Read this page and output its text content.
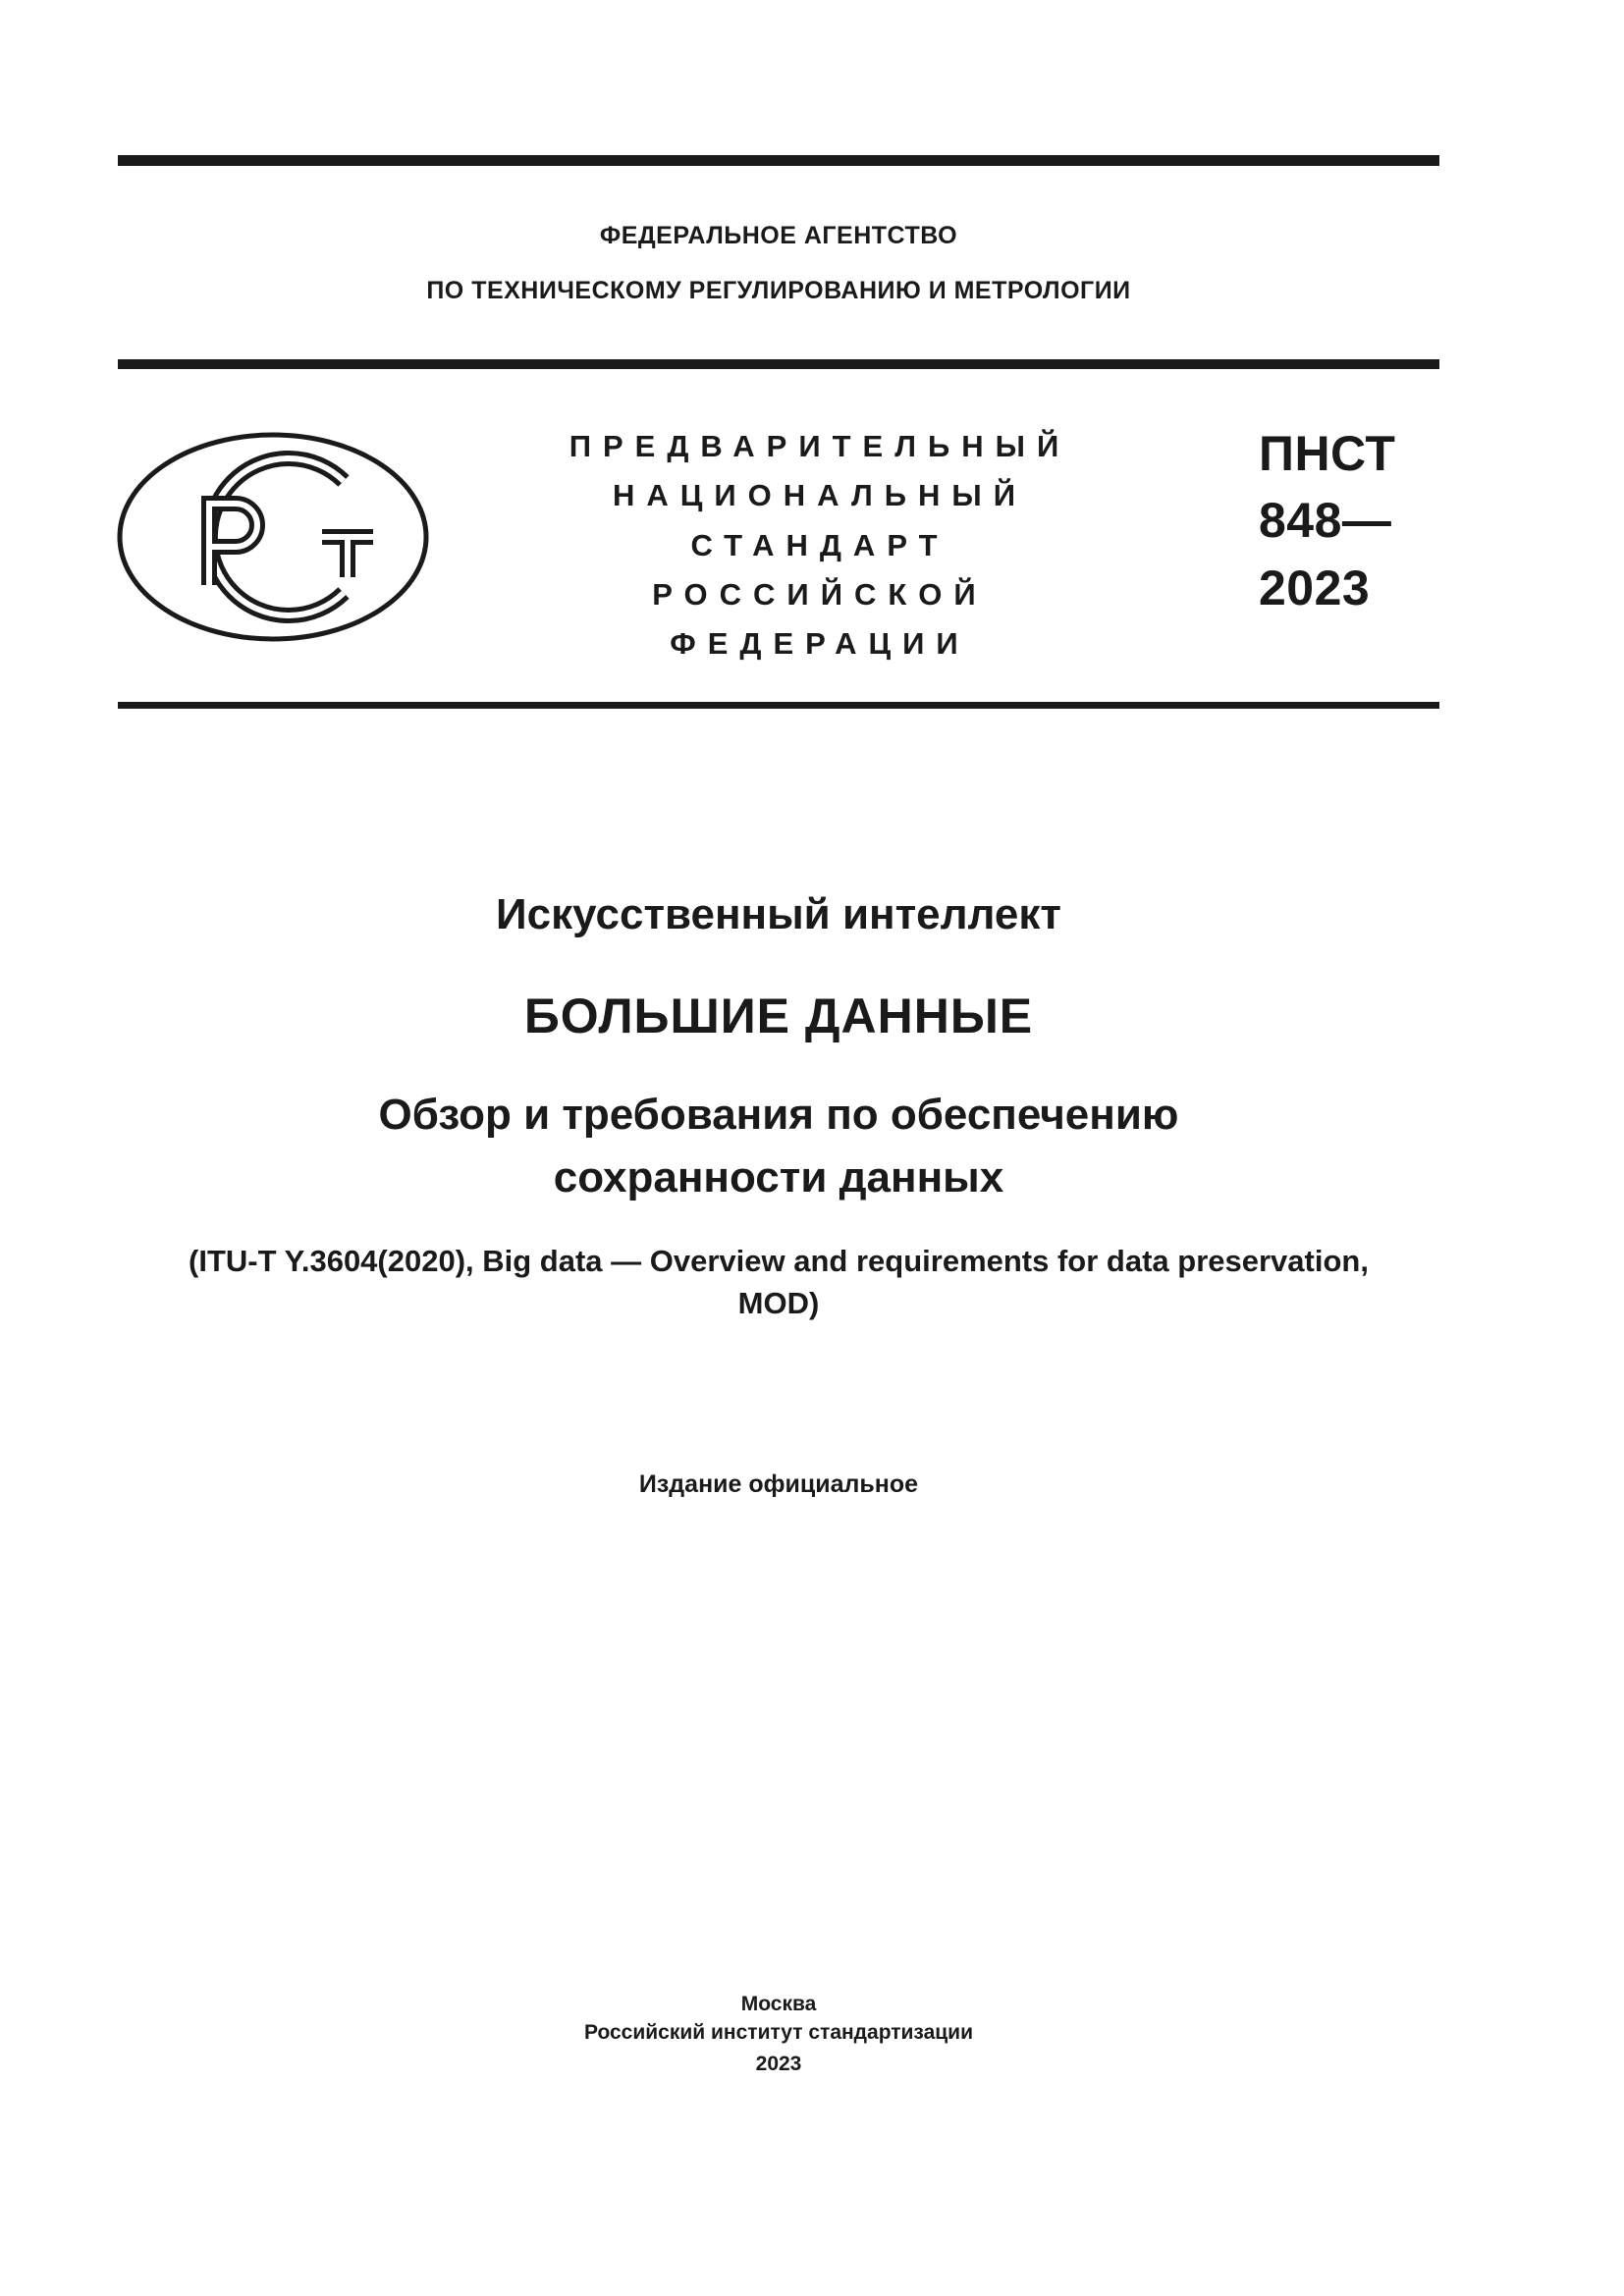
ФЕДЕРАЛЬНОЕ АГЕНТСТВО
ПО ТЕХНИЧЕСКОМУ РЕГУЛИРОВАНИЮ И МЕТРОЛОГИИ
ПРЕДВАРИТЕЛЬНЫЙ
НАЦИОНАЛЬНЫЙ
СТАНДАРТ
РОССИЙСКОЙ
ФЕДЕРАЦИИ
ПНСТ
848—
2023
Искусственный интеллект
БОЛЬШИЕ ДАННЫЕ
Обзор и требования по обеспечению
сохранности данных
(ITU-T Y.3604(2020), Big data — Overview and requirements for data preservation,
MOD)
Издание официальное
Москва
Российский институт стандартизации
2023
